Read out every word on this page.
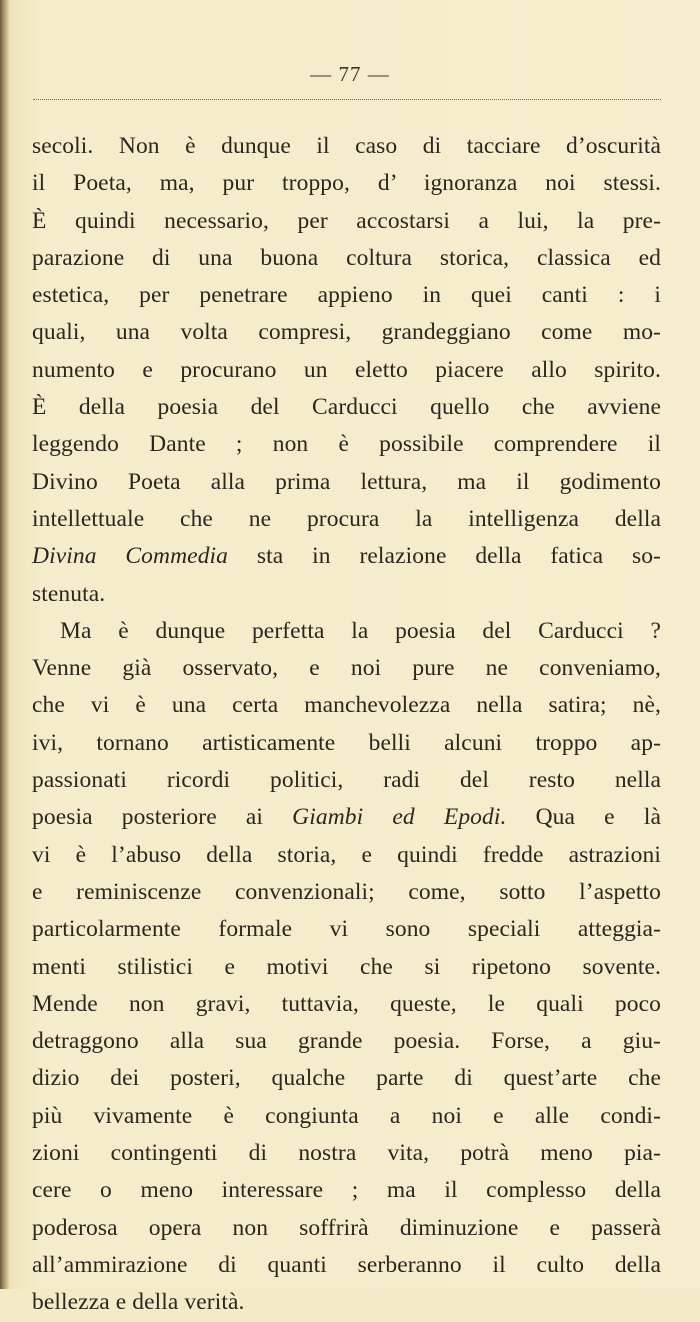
— 77 —
secoli. Non è dunque il caso di tacciare d’oscurità
il Poeta, ma, pur troppo, d’ ignoranza noi stessi.
È quindi necessario, per accostarsi a lui, la pre-
parazione di una buona coltura storica, classica ed
estetica, per penetrare appieno in quei canti : i
quali, una volta compresi, grandeggiano come mo-
numento e procurano un eletto piacere allo spirito.
È della poesia del Carducci quello che avviene
leggendo Dante ; non è possibile comprendere il
Divino Poeta alla prima lettura, ma il godimento
intellettuale che ne procura la intelligenza della
Divina Commedia sta in relazione della fatica so-
stenuta.
Ma è dunque perfetta la poesia del Carducci ?
Venne già osservato, e noi pure ne conveniamo,
che vi è una certa manchevolezza nella satira; nè,
ivi, tornano artisticamente belli alcuni troppo ap-
passionati ricordi politici, radi del resto nella
poesia posteriore ai Giambi ed Epodi. Qua e là
vi è l’abuso della storia, e quindi fredde astrazioni
e reminiscenze convenzionali; come, sotto l’aspetto
particolarmente formale vi sono speciali atteggia-
menti stilistici e motivi che si ripetono sovente.
Mende non gravi, tuttavia, queste, le quali poco
detraggono alla sua grande poesia. Forse, a giu-
dizio dei posteri, qualche parte di quest’arte che
più vivamente è congiunta a noi e alle condi-
zioni contingenti di nostra vita, potrà meno pia-
cere o meno interessare ; ma il complesso della
poderosa opera non soffrirà diminuzione e passerà
all’ammirazione di quanti serberanno il culto della
bellezza e della verità.
